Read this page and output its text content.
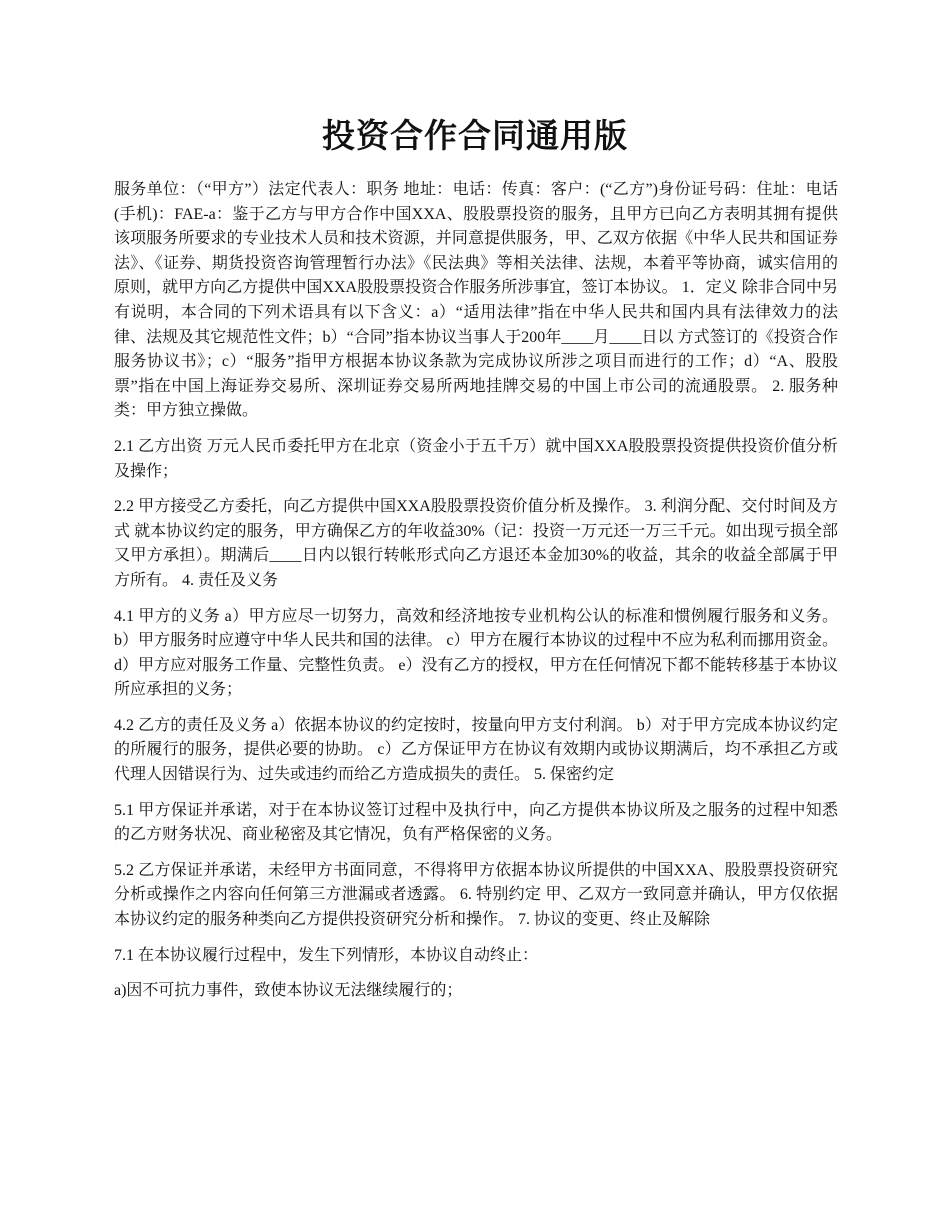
投资合作合同通用版

服务单位：（“甲方”）法定代表人：职务 地址：电话：传真：客户：(“乙方”)身份证号码：住址：电话(手机)：FAE-a：鉴于乙方与甲方合作中国XXA、股股票投资的服务，且甲方已向乙方表明其拥有提供该项服务所要求的专业技术人员和技术资源，并同意提供服务，甲、乙双方依据《中华人民共和国证券法》、《证券、期货投资咨询管理暂行办法》《民法典》等相关法律、法规，本着平等协商，诚实信用的原则，就甲方向乙方提供中国XXA股股票投资合作服务所涉事宜，签订本协议。 1．定义 除非合同中另有说明，本合同的下列术语具有以下含义：a）“适用法律”指在中华人民共和国内具有法律效力的法律、法规及其它规范性文件；b）“合同”指本协议当事人于200年____月____日以 方式签订的《投资合作服务协议书》；c）“服务”指甲方根据本协议条款为完成协议所涉之项目而进行的工作；d）“A、股股票”指在中国上海证券交易所、深圳证券交易所两地挂牌交易的中国上市公司的流通股票。 2. 服务种类：甲方独立操做。

2.1 乙方出资 万元人民币委托甲方在北京（资金小于五千万）就中国XXA股股票投资提供投资价值分析及操作；

2.2 甲方接受乙方委托，向乙方提供中国XXA股股票投资价值分析及操作。 3. 利润分配、交付时间及方式 就本协议约定的服务，甲方确保乙方的年收益30%（记：投资一万元还一万三千元。如出现亏损全部又甲方承担）。期满后____日内以银行转帐形式向乙方退还本金加30%的收益，其余的收益全部属于甲方所有。 4. 责任及义务

4.1 甲方的义务 a）甲方应尽一切努力，高效和经济地按专业机构公认的标准和惯例履行服务和义务。 b）甲方服务时应遵守中华人民共和国的法律。 c）甲方在履行本协议的过程中不应为私利而挪用资金。 d）甲方应对服务工作量、完整性负责。 e）没有乙方的授权，甲方在任何情况下都不能转移基于本协议所应承担的义务；

4.2 乙方的责任及义务 a）依据本协议的约定按时，按量向甲方支付利润。 b）对于甲方完成本协议约定的所履行的服务，提供必要的协助。 c）乙方保证甲方在协议有效期内或协议期满后，均不承担乙方或代理人因错误行为、过失或违约而给乙方造成损失的责任。 5. 保密约定

5.1 甲方保证并承诺，对于在本协议签订过程中及执行中，向乙方提供本协议所及之服务的过程中知悉的乙方财务状况、商业秘密及其它情况，负有严格保密的义务。

5.2 乙方保证并承诺，未经甲方书面同意，不得将甲方依据本协议所提供的中国XXA、股股票投资研究分析或操作之内容向任何第三方泄漏或者透露。 6. 特别约定 甲、乙双方一致同意并确认，甲方仅依据本协议约定的服务种类向乙方提供投资研究分析和操作。 7. 协议的变更、终止及解除

7.1 在本协议履行过程中，发生下列情形，本协议自动终止：

a)因不可抗力事件，致使本协议无法继续履行的；
